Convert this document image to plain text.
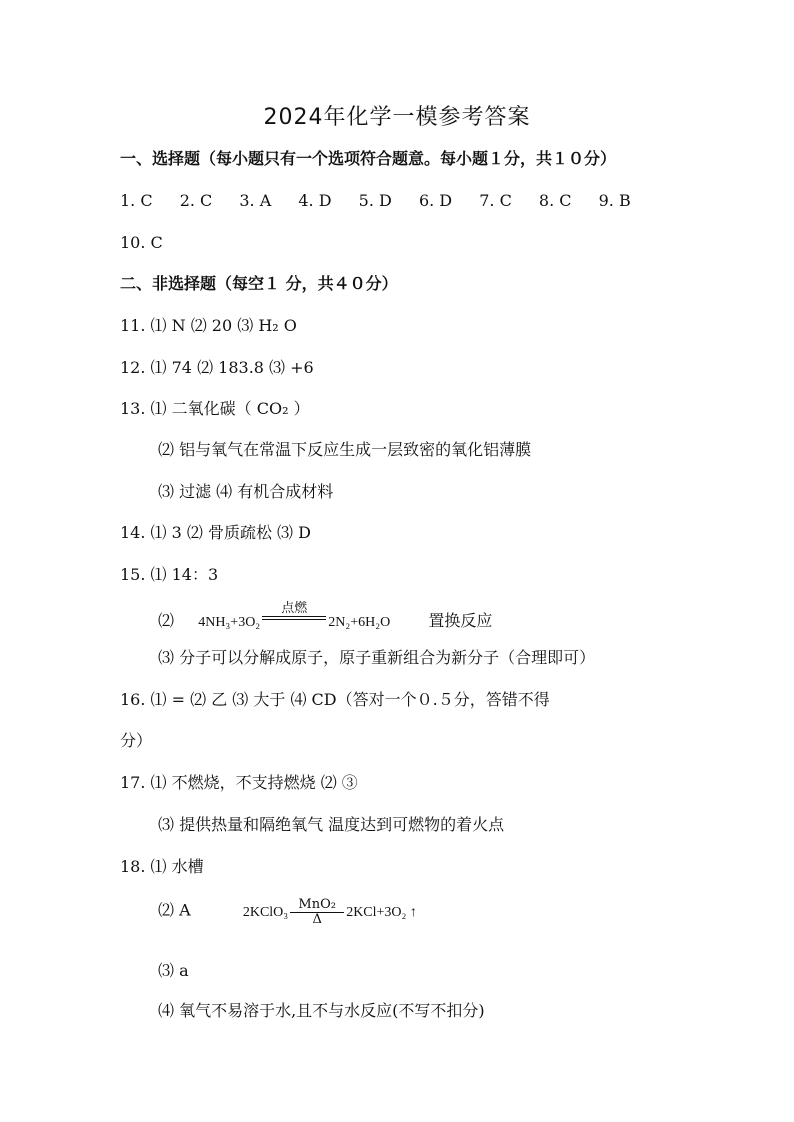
2024年化学一模参考答案
一、选择题（每小题只有一个选项符合题意。每小题１分，共１０分）
1. C 2. C 3. A 4. D 5. D 6. D 7. C 8. C 9. B
10. C
二、非选择题（每空１ 分，共４０分）
11. ⑴ N ⑵ 20 ⑶ H₂ O
12. ⑴ 74 ⑵ 183.8 ⑶ +6
13. ⑴ 二氧化碳（ CO₂ ）
⑵ 铝与氧气在常温下反应生成一层致密的氧化铝薄膜
⑶ 过滤 ⑷ 有机合成材料
14. ⑴ 3 ⑵ 骨质疏松 ⑶ D
15. ⑴ 14：3
⑵ 4NH₃+3O₂
点燃

2N₂+6H₂O 置换反应
⑶ 分子可以分解成原子，原子重新组合为新分子（合理即可）
16. ⑴ = ⑵ 乙 ⑶ 大于 ⑷ CD（答对一个０.５分，答错不得
分）
17. ⑴ 不燃烧，不支持燃烧 ⑵ ③
⑶ 提供热量和隔绝氧气 温度达到可燃物的着火点
18. ⑴ 水槽
⑵ A	2KClO₃ MnO₂
Δ 2KCl+3O₂ ↑
⑶ a
⑷ 氧气不易溶于水,且不与水反应(不写不扣分)
